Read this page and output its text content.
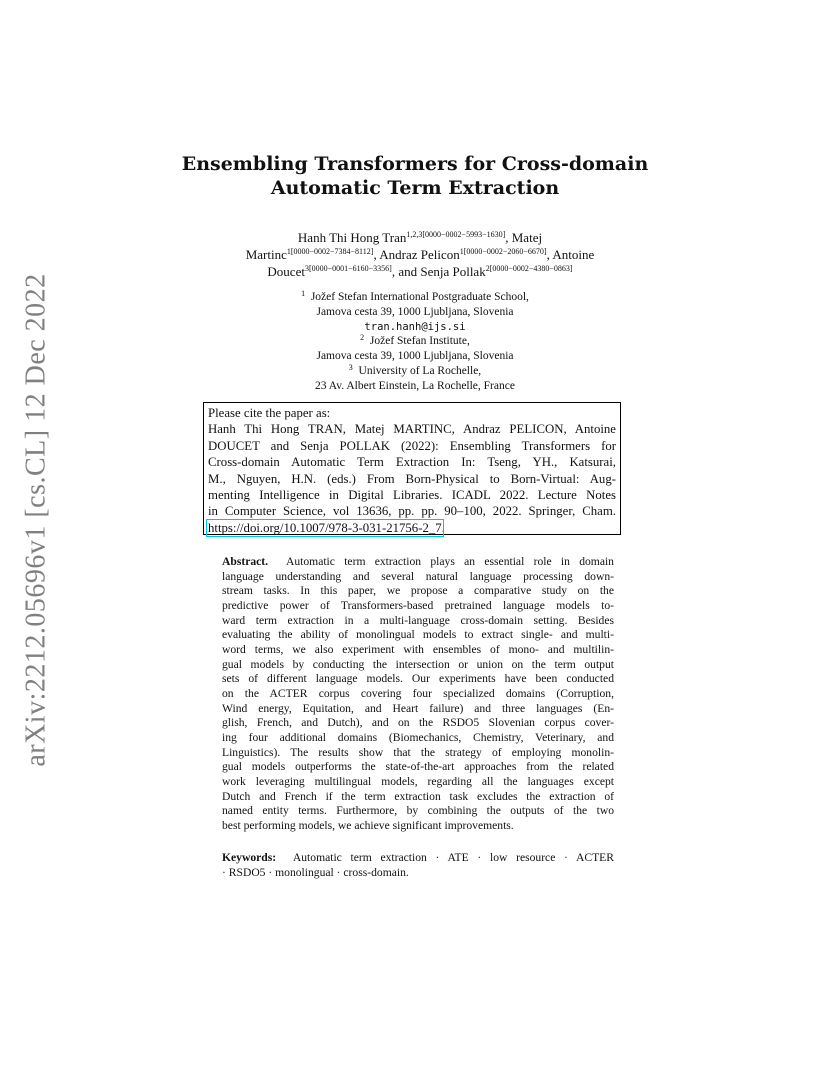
arXiv:2212.05696v1 [cs.CL] 12 Dec 2022
Ensembling Transformers for Cross-domain
Automatic Term Extraction
Hanh Thi Hong Tran$^{1,2,3[0000-0002-5993-1630]}$, Matej
Martinc$^{1[0000-0002-7384-8112]}$, Andraz Pelicon$^{1[0000-0002-2060-6670]}$, Antoine
Doucet$^{3[0000-0001-6160-3356]}$, and Senja Pollak$^{2[0000-0002-4380-0863]}$
$^1$ Jožef Stefan International Postgraduate School,
Jamova cesta 39, 1000 Ljubljana, Slovenia
tran.hanh@ijs.si
$^2$ Jožef Stefan Institute,
Jamova cesta 39, 1000 Ljubljana, Slovenia
$^3$ University of La Rochelle,
23 Av. Albert Einstein, La Rochelle, France
Please cite the paper as:
Hanh Thi Hong TRAN, Matej MARTINC, Andraz PELICON, Antoine
DOUCET and Senja POLLAK (2022): Ensembling Transformers for
Cross-domain Automatic Term Extraction In: Tseng, YH., Katsurai,
M., Nguyen, H.N. (eds.) From Born-Physical to Born-Virtual: Aug-
menting Intelligence in Digital Libraries. ICADL 2022. Lecture Notes
in Computer Science, vol 13636, pp. pp. 90–100, 2022. Springer, Cham.
https://doi.org/10.1007/978-3-031-21756-2_7.
Abstract. Automatic term extraction plays an essential role in domain
language understanding and several natural language processing down-
stream tasks. In this paper, we propose a comparative study on the
predictive power of Transformers-based pretrained language models to-
ward term extraction in a multi-language cross-domain setting. Besides
evaluating the ability of monolingual models to extract single- and multi-
word terms, we also experiment with ensembles of mono- and multilin-
gual models by conducting the intersection or union on the term output
sets of different language models. Our experiments have been conducted
on the ACTER corpus covering four specialized domains (Corruption,
Wind energy, Equitation, and Heart failure) and three languages (En-
glish, French, and Dutch), and on the RSDO5 Slovenian corpus cover-
ing four additional domains (Biomechanics, Chemistry, Veterinary, and
Linguistics). The results show that the strategy of employing monolin-
gual models outperforms the state-of-the-art approaches from the related
work leveraging multilingual models, regarding all the languages except
Dutch and French if the term extraction task excludes the extraction of
named entity terms. Furthermore, by combining the outputs of the two
best performing models, we achieve significant improvements.
Keywords: Automatic term extraction · ATE · low resource · ACTER
· RSDO5 · monolingual · cross-domain.
